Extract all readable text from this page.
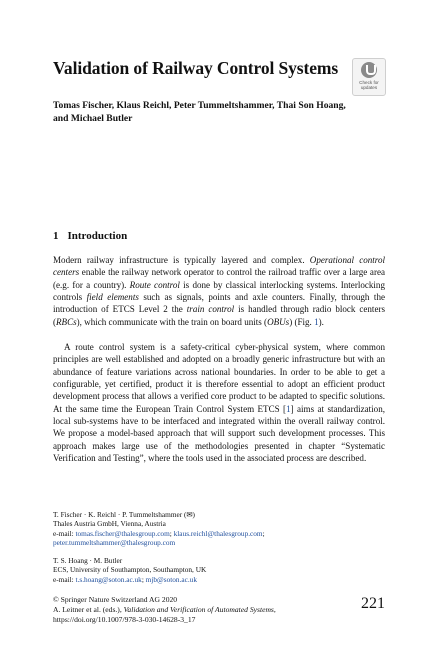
Validation of Railway Control Systems
Check for
updates
Tomas Fischer, Klaus Reichl, Peter Tummeltshammer, Thai Son Hoang,
and Michael Butler
1 Introduction
Modern railway infrastructure is typically layered and complex. Operational control centers enable the railway network operator to control the railroad traffic over a large area (e.g. for a country). Route control is done by classical interlocking systems. Interlocking controls field elements such as signals, points and axle counters. Finally, through the introduction of ETCS Level 2 the train control is handled through radio block centers (RBCs), which communicate with the train on board units (OBUs) (Fig. 1).
A route control system is a safety-critical cyber-physical system, where common principles are well established and adopted on a broadly generic infrastructure but with an abundance of feature variations across national boundaries. In order to be able to get a configurable, yet certified, product it is therefore essential to adopt an efficient product development process that allows a verified core product to be adapted to specific solutions. At the same time the European Train Control System ETCS [1] aims at standardization, local sub-systems have to be interfaced and integrated within the overall railway control. We propose a model-based approach that will support such development processes. This approach makes large use of the methodologies presented in chapter “Systematic Verification and Testing”, where the tools used in the associated process are described.
T. Fischer · K. Reichl · P. Tummeltshammer (✉)
Thales Austria GmbH, Vienna, Austria
e-mail: tomas.fischer@thalesgroup.com; klaus.reichl@thalesgroup.com;
peter.tummeltshammer@thalesgroup.com
T. S. Hoang · M. Butler
ECS, University of Southampton, Southampton, UK
e-mail: t.s.hoang@soton.ac.uk; mjb@soton.ac.uk
© Springer Nature Switzerland AG 2020
A. Leitner et al. (eds.), Validation and Verification of Automated Systems,
https://doi.org/10.1007/978-3-030-14628-3_17
221
